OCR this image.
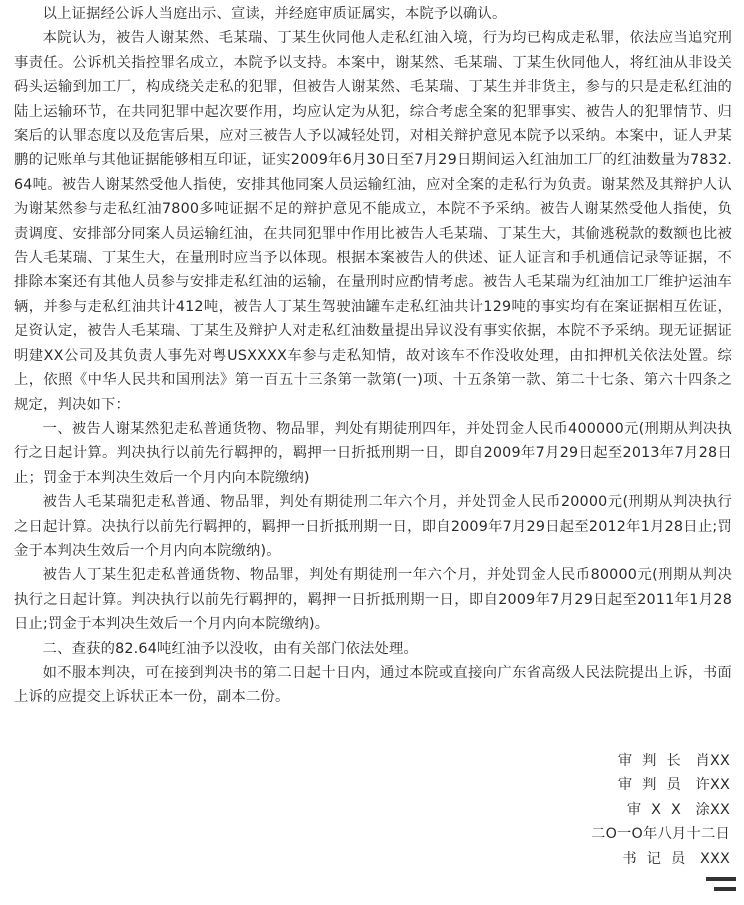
以上证据经公诉人当庭出示、宣读，并经庭审质证属实，本院予以确认。

本院认为，被告人谢某然、毛某瑞、丁某生伙同他人走私红油入境，行为均已构成走私罪，依法应当追究刑事责任。公诉机关指控罪名成立，本院予以支持。本案中，谢某然、毛某瑞、丁某生伙同他人，将红油从非设关码头运输到加工厂，构成绕关走私的犯罪，但被告人谢某然、毛某瑞、丁某生并非货主，参与的只是走私红油的陆上运输环节，在共同犯罪中起次要作用，均应认定为从犯，综合考虑全案的犯罪事实、被告人的犯罪情节、归案后的认罪态度以及危害后果，应对三被告人予以减轻处罚，对相关辩护意见本院予以采纳。本案中，证人尹某鹏的记账单与其他证据能够相互印证，证实2009年6月30日至7月29日期间运入红油加工厂的红油数量为7832.64吨。被告人谢某然受他人指使，安排其他同案人员运输红油，应对全案的走私行为负责。谢某然及其辩护人认为谢某然参与走私红油7800多吨证据不足的辩护意见不能成立，本院不予采纳。被告人谢某然受他人指使，负责调度、安排部分同案人员运输红油，在共同犯罪中作用比被告人毛某瑞、丁某生大，其偷逃税款的数额也比被告人毛某瑞、丁某生大，在量刑时应当予以体现。根据本案被告人的供述、证人证言和手机通信记录等证据，不排除本案还有其他人员参与安排走私红油的运输，在量刑时应酌情考虑。被告人毛某瑞为红油加工厂维护运油车辆，并参与走私红油共计412吨，被告人丁某生驾驶油罐车走私红油共计129吨的事实均有在案证据相互佐证，足资认定，被告人毛某瑞、丁某生及辩护人对走私红油数量提出异议没有事实依据，本院不予采纳。现无证据证明建XX公司及其负责人事先对粤USXXXX车参与走私知情，故对该车不作没收处理，由扣押机关依法处置。综上，依照《中华人民共和国刑法》第一百五十三条第一款第(一)项、十五条第一款、第二十七条、第六十四条之规定，判决如下：

一、被告人谢某然犯走私普通货物、物品罪，判处有期徒刑四年，并处罚金人民币400000元(刑期从判决执行之日起计算。判决执行以前先行羁押的，羁押一日折抵刑期一日，即自2009年7月29日起至2013年7月28日止；罚金于本判决生效后一个月内向本院缴纳)

被告人毛某瑞犯走私普通、物品罪，判处有期徒刑二年六个月，并处罚金人民币20000元(刑期从判决执行之日起计算。决执行以前先行羁押的，羁押一日折抵刑期一日，即自2009年7月29日起至2012年1月28日止;罚金于本判决生效后一个月内向本院缴纳)。

被告人丁某生犯走私普通货物、物品罪，判处有期徒刑一年六个月，并处罚金人民币80000元(刑期从判决执行之日起计算。判决执行以前先行羁押的，羁押一日折抵刑期一日，即自2009年7月29日起至2011年1月28日止;罚金于本判决生效后一个月内向本院缴纳)。

二、查获的82.64吨红油予以没收，由有关部门依法处理。

如不服本判决，可在接到判决书的第二日起十日内，通过本院或直接向广东省高级人民法院提出上诉，书面上诉的应提交上诉状正本一份，副本二份。

审判长 肖XX
审判员 许XX
审XX 涂XX
二Ο一Ο年八月十二日
书记员 XXX
